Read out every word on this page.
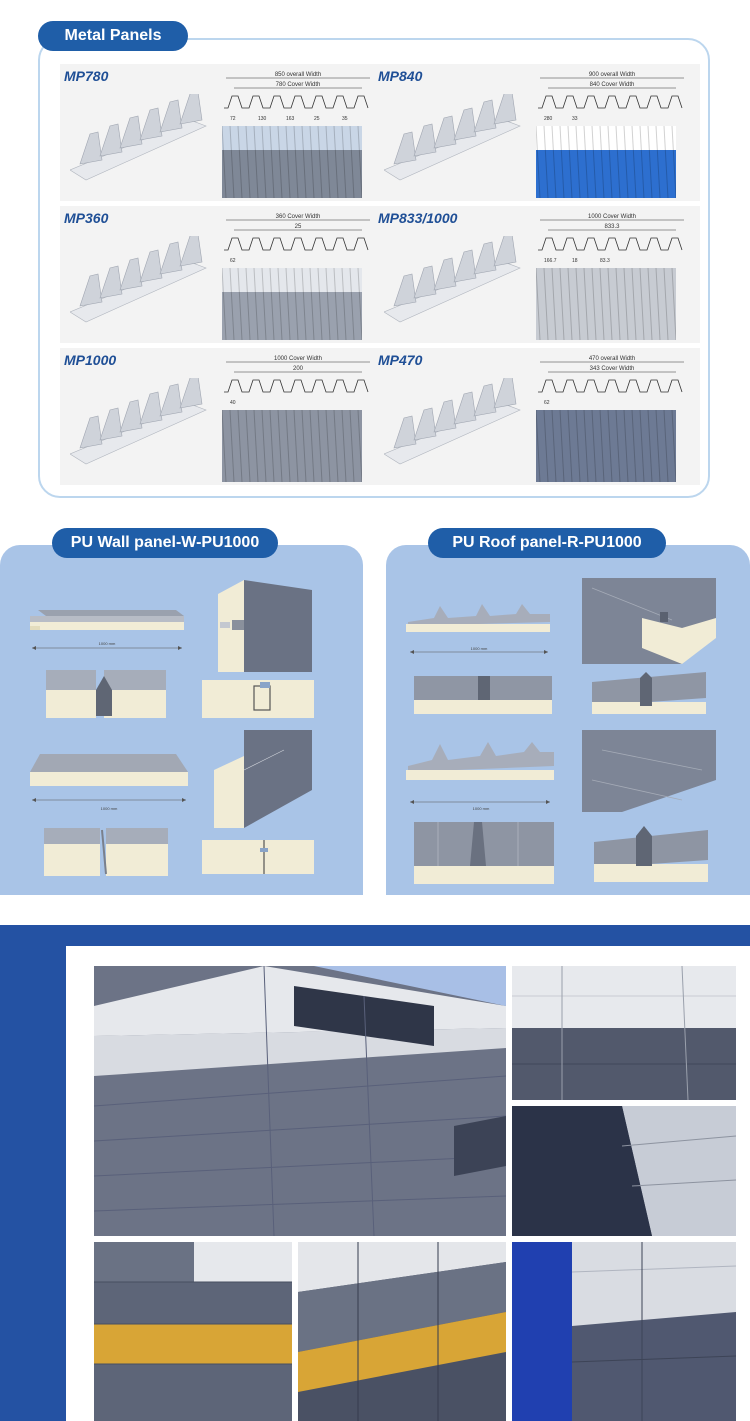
Metal Panels
MP780	850 overall Width
780 Cover Width
72	130	163	25	35
MP840	900 overall Width
840 Cover Width
280	33
MP360	360 Cover Width
25
62
MP833/1000	1000 Cover Width
833.3
166.7	18	83.3
MP1000	1000 Cover Width
200
40
MP470	470 overall Width
343 Cover Width
62
PU Wall panel-W-PU1000
1000 mm
1000 mm
PU Roof panel-R-PU1000
1000 mm
1000 mm
